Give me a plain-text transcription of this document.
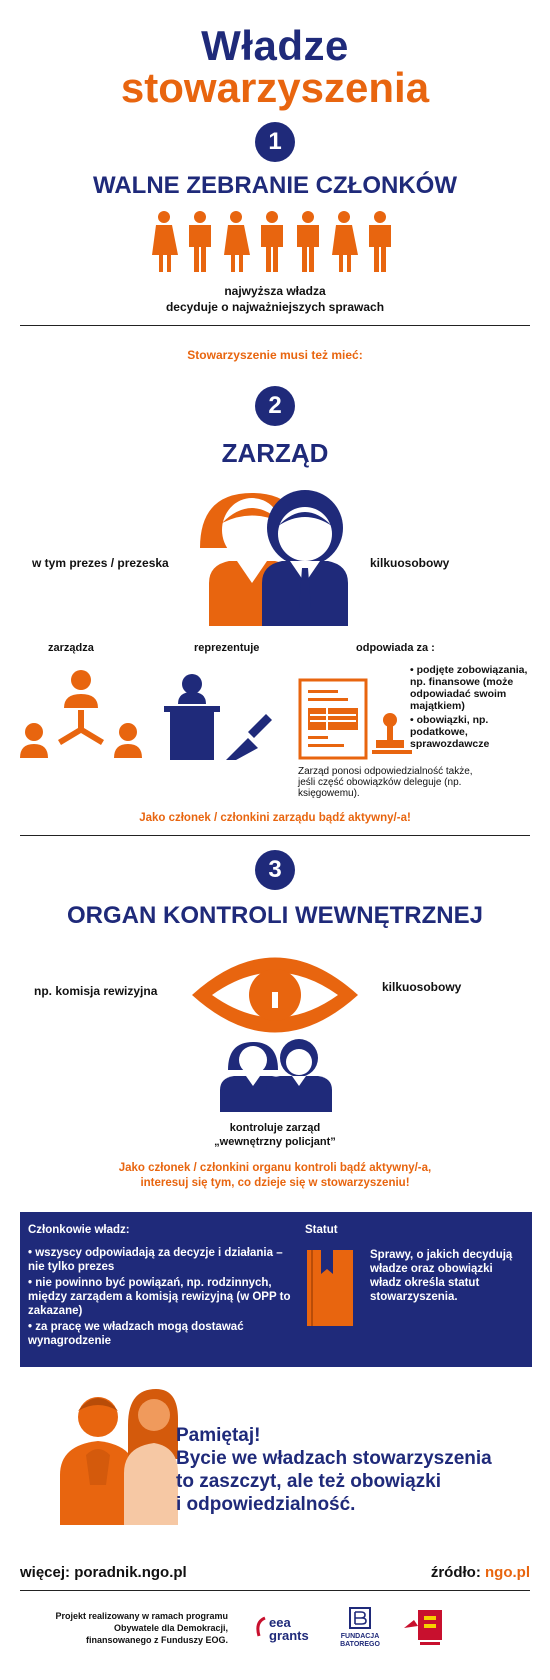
Władze
stowarzyszenia
1
WALNE ZEBRANIE CZŁONKÓW
najwyższa władza
decyduje o najważniejszych sprawach
Stowarzyszenie musi też mieć:
2
ZARZĄD
w tym prezes / prezeska	kilkuosobowy
zarządza	reprezentuje	odpowiada za :
• podjęte zobowiązania, np. finansowe (może odpowiadać swoim majątkiem)
• obowiązki, np. podatkowe, sprawozdawcze
Zarząd ponosi odpowiedzialność także, jeśli część obowiązków deleguje (np. księgowemu).
Jako członek / członkini zarządu bądź aktywny/-a!
3
ORGAN KONTROLI WEWNĘTRZNEJ
np. komisja rewizyjna	kilkuosobowy
kontroluje zarząd
„wewnętrzny policjant”
Jako członek / członkini organu kontroli bądź aktywny/-a,
interesuj się tym, co dzieje się w stowarzyszeniu!
Członkowie władz:
• wszyscy odpowiadają za decyzje i działania – nie tylko prezes
• nie powinno być powiązań, np. rodzinnych, między zarządem a komisją rewizyjną (w OPP to zakazane)
• za pracę we władzach mogą dostawać wynagrodzenie
Statut
Sprawy, o jakich decydują władze oraz obowiązki władz określa statut stowarzyszenia.
Pamiętaj!
Bycie we władzach stowarzyszenia
to zaszczyt, ale też obowiązki
i odpowiedzialność.
więcej: poradnik.ngo.pl	źródło: ngo.pl
Projekt realizowany w ramach programu
Obywatele dla Demokracji,
finansowanego z Funduszy EOG.
eea
grants	FUNDACJA
BATOREGO
